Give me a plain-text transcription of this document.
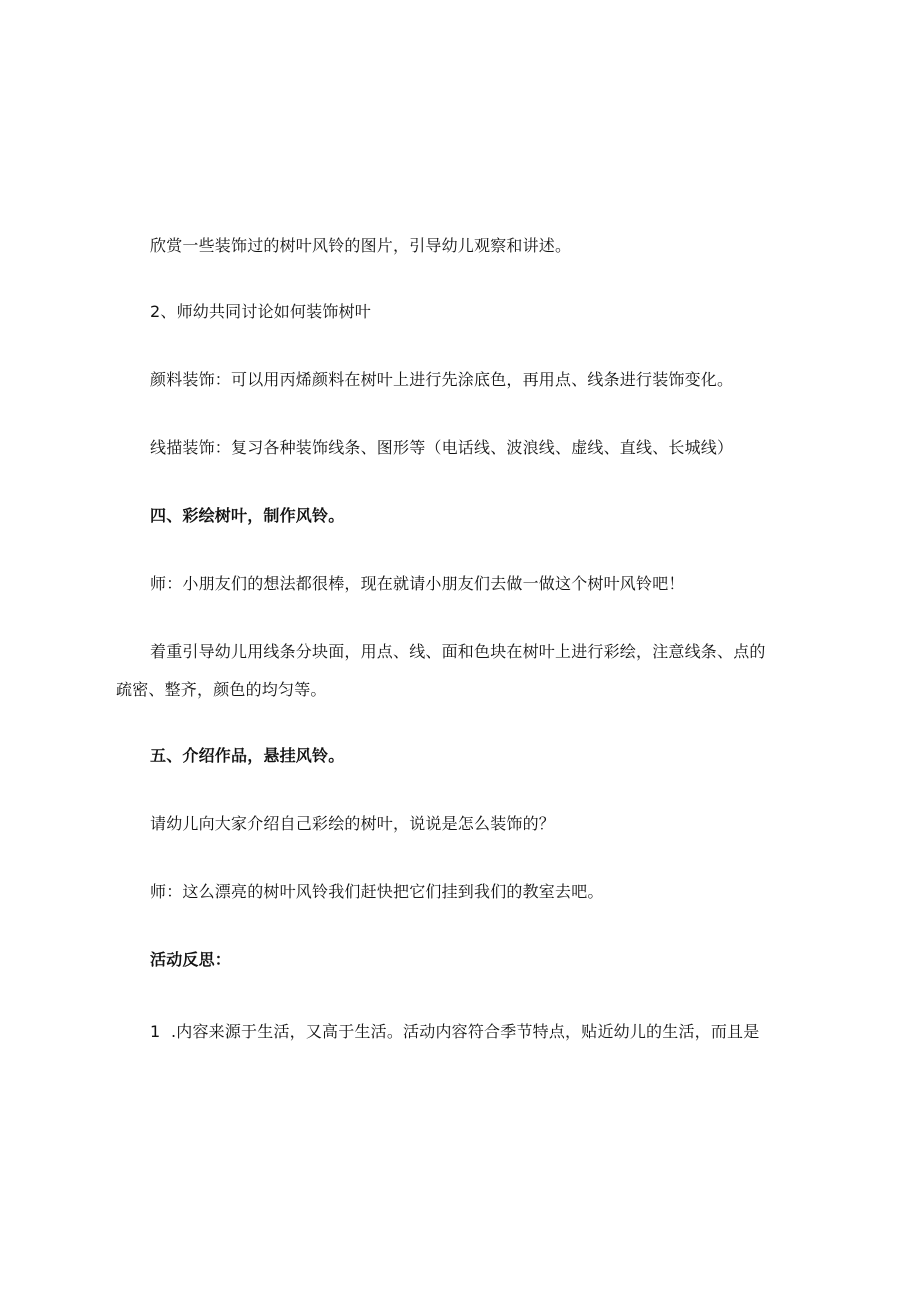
欣赏一些装饰过的树叶风铃的图片，引导幼儿观察和讲述。
2、师幼共同讨论如何装饰树叶
颜料装饰：可以用丙烯颜料在树叶上进行先涂底色，再用点、线条进行装饰变化。
线描装饰：复习各种装饰线条、图形等（电话线、波浪线、虚线、直线、长城线）
四、彩绘树叶，制作风铃。
师：小朋友们的想法都很棒，现在就请小朋友们去做一做这个树叶风铃吧！
着重引导幼儿用线条分块面，用点、线、面和色块在树叶上进行彩绘，注意线条、点的
疏密、整齐，颜色的均匀等。
五、介绍作品，悬挂风铃。
请幼儿向大家介绍自己彩绘的树叶，说说是怎么装饰的？
师：这么漂亮的树叶风铃我们赶快把它们挂到我们的教室去吧。
活动反思：
1  .内容来源于生活，又高于生活。活动内容符合季节特点，贴近幼儿的生活，而且是
